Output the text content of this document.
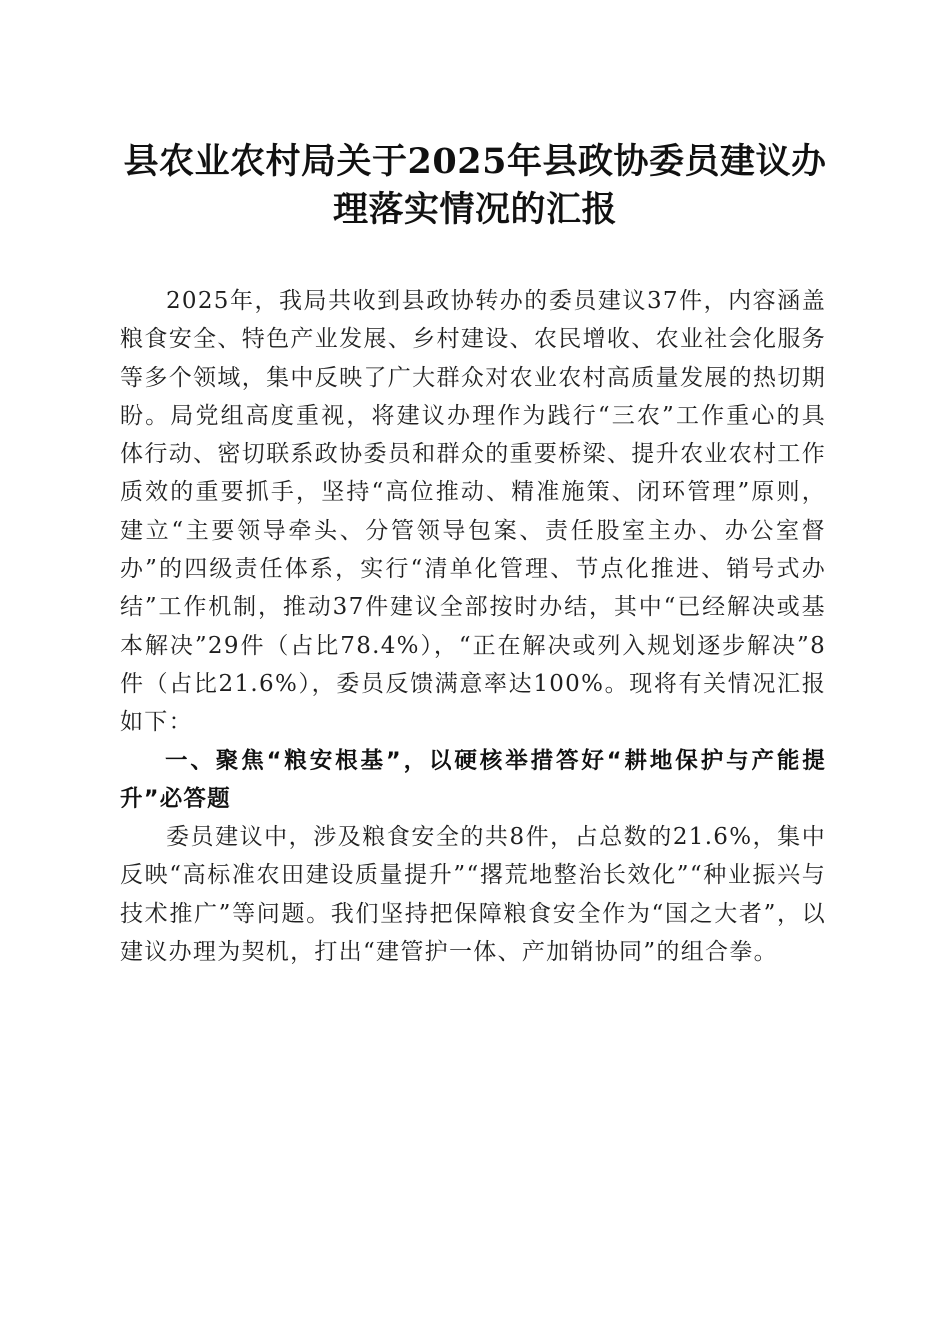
县农业农村局关于2025年县政协委员建议办理落实情况的汇报

2025年，我局共收到县政协转办的委员建议37件，内容涵盖粮食安全、特色产业发展、乡村建设、农民增收、农业社会化服务等多个领域，集中反映了广大群众对农业农村高质量发展的热切期盼。局党组高度重视，将建议办理作为践行“三农”工作重心的具体行动、密切联系政协委员和群众的重要桥梁、提升农业农村工作质效的重要抓手，坚持“高位推动、精准施策、闭环管理”原则，建立“主要领导牵头、分管领导包案、责任股室主办、办公室督办”的四级责任体系，实行“清单化管理、节点化推进、销号式办结”工作机制，推动37件建议全部按时办结，其中“已经解决或基本解决”29件（占比78.4%），“正在解决或列入规划逐步解决”8件（占比21.6%），委员反馈满意率达100%。现将有关情况汇报如下：

一、聚焦“粮安根基”，以硬核举措答好“耕地保护与产能提升”必答题

委员建议中，涉及粮食安全的共8件，占总数的21.6%，集中反映“高标准农田建设质量提升”“撂荒地整治长效化”“种业振兴与技术推广”等问题。我们坚持把保障粮食安全作为“国之大者”，以建议办理为契机，打出“建管护一体、产加销协同”的组合拳。
